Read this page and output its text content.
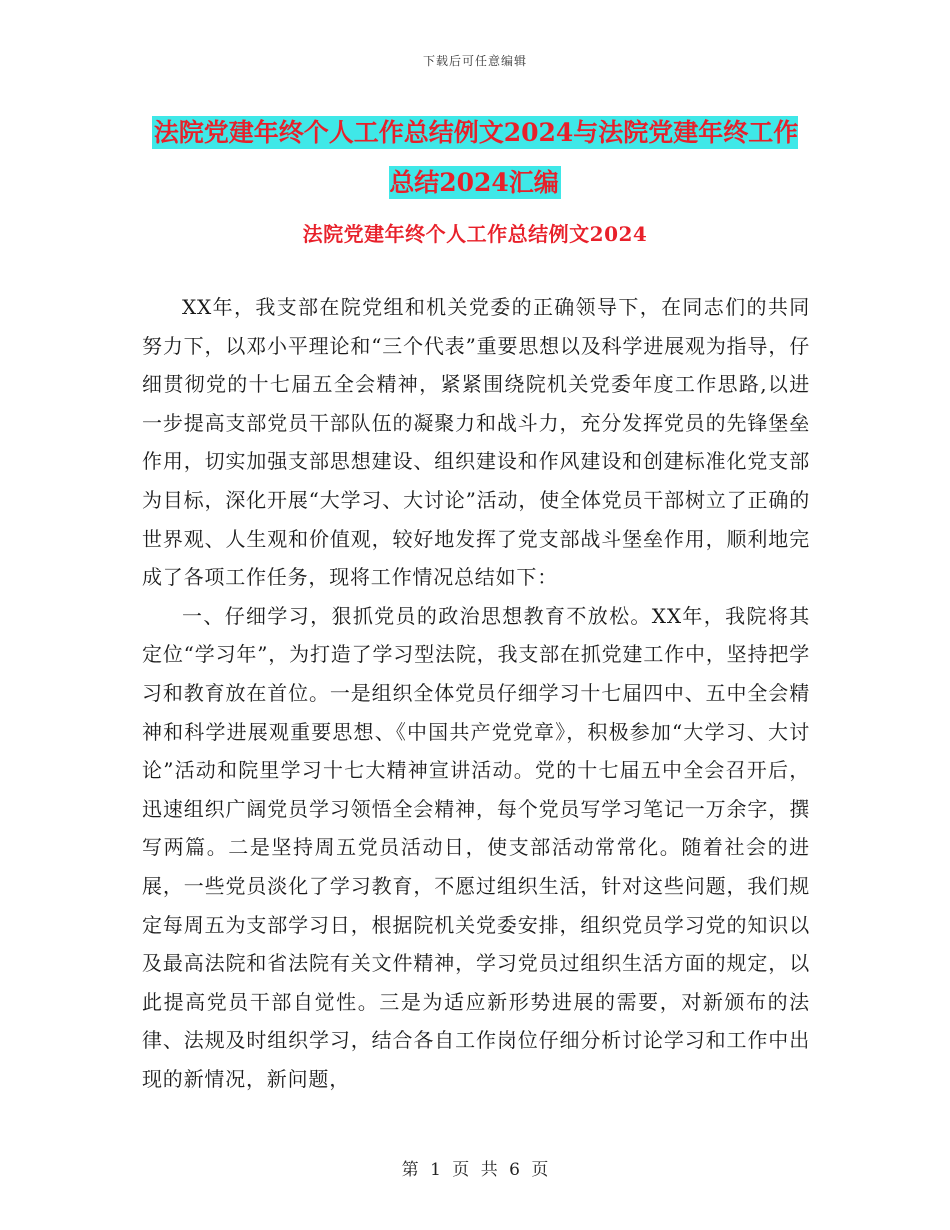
下载后可任意编辑
法院党建年终个人工作总结例文2024与法院党建年终工作总结2024汇编
法院党建年终个人工作总结例文2024

XX年，我支部在院党组和机关党委的正确领导下，在同志们的共同努力下，以邓小平理论和“三个代表”重要思想以及科学进展观为指导，仔细贯彻党的十七届五全会精神，紧紧围绕院机关党委年度工作思路,以进一步提高支部党员干部队伍的凝聚力和战斗力，充分发挥党员的先锋堡垒作用，切实加强支部思想建设、组织建设和作风建设和创建标准化党支部为目标，深化开展“大学习、大讨论”活动，使全体党员干部树立了正确的世界观、人生观和价值观，较好地发挥了党支部战斗堡垒作用，顺利地完成了各项工作任务，现将工作情况总结如下：

一、仔细学习，狠抓党员的政治思想教育不放松。XX年，我院将其定位“学习年”，为打造了学习型法院，我支部在抓党建工作中，坚持把学习和教育放在首位。一是组织全体党员仔细学习十七届四中、五中全会精神和科学进展观重要思想、《中国共产党党章》，积极参加“大学习、大讨论”活动和院里学习十七大精神宣讲活动。党的十七届五中全会召开后，迅速组织广阔党员学习领悟全会精神，每个党员写学习笔记一万余字，撰写两篇。二是坚持周五党员活动日，使支部活动常常化。随着社会的进展，一些党员淡化了学习教育，不愿过组织生活，针对这些问题，我们规定每周五为支部学习日，根据院机关党委安排，组织党员学习党的知识以及最高法院和省法院有关文件精神，学习党员过组织生活方面的规定，以此提高党员干部自觉性。三是为适应新形势进展的需要，对新颁布的法律、法规及时组织学习，结合各自工作岗位仔细分析讨论学习和工作中出现的新情况，新问题，

第 1 页 共 6 页
